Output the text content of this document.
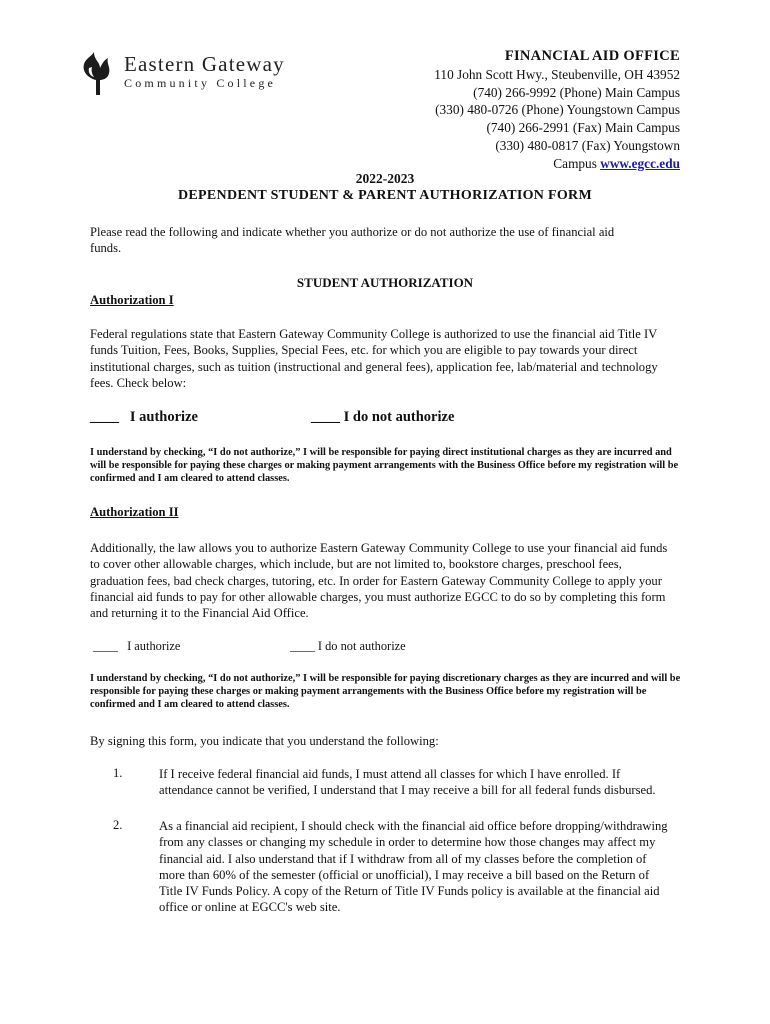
Eastern Gateway
Community College
FINANCIAL AID OFFICE
110 John Scott Hwy., Steubenville, OH 43952
(740) 266-9992 (Phone) Main Campus
(330) 480-0726 (Phone) Youngstown Campus
(740) 266-2991 (Fax) Main Campus
(330) 480-0817 (Fax) Youngstown
Campus www.egcc.edu
2022-2023
DEPENDENT STUDENT & PARENT AUTHORIZATION FORM
Please read the following and indicate whether you authorize or do not authorize the use of financial aid
funds.
STUDENT AUTHORIZATION
Authorization I
Federal regulations state that Eastern Gateway Community College is authorized to use the financial aid Title IV funds Tuition, Fees, Books, Supplies, Special Fees, etc. for which you are eligible to pay towards your direct institutional charges, such as tuition (instructional and general fees), application fee, lab/material and technology fees. Check below:
____ I authorize	____ I do not authorize
I understand by checking, “I do not authorize,” I will be responsible for paying direct institutional charges as they are incurred and will be responsible for paying these charges or making payment arrangements with the Business Office before my registration will be confirmed and I am cleared to attend classes.
Authorization II
Additionally, the law allows you to authorize Eastern Gateway Community College to use your financial aid funds to cover other allowable charges, which include, but are not limited to, bookstore charges, preschool fees, graduation fees, bad check charges, tutoring, etc. In order for Eastern Gateway Community College to apply your financial aid funds to pay for other allowable charges, you must authorize EGCC to do so by completing this form and returning it to the Financial Aid Office.
____ I authorize	____ I do not authorize
I understand by checking, “I do not authorize,” I will be responsible for paying discretionary charges as they are incurred and will be responsible for paying these charges or making payment arrangements with the Business Office before my registration will be confirmed and I am cleared to attend classes.
By signing this form, you indicate that you understand the following:
1.	If I receive federal financial aid funds, I must attend all classes for which I have enrolled. If attendance cannot be verified, I understand that I may receive a bill for all federal funds disbursed.
2.	As a financial aid recipient, I should check with the financial aid office before dropping/withdrawing from any classes or changing my schedule in order to determine how those changes may affect my financial aid. I also understand that if I withdraw from all of my classes before the completion of more than 60% of the semester (official or unofficial), I may receive a bill based on the Return of Title IV Funds Policy. A copy of the Return of Title IV Funds policy is available at the financial aid office or online at EGCC's web site.
